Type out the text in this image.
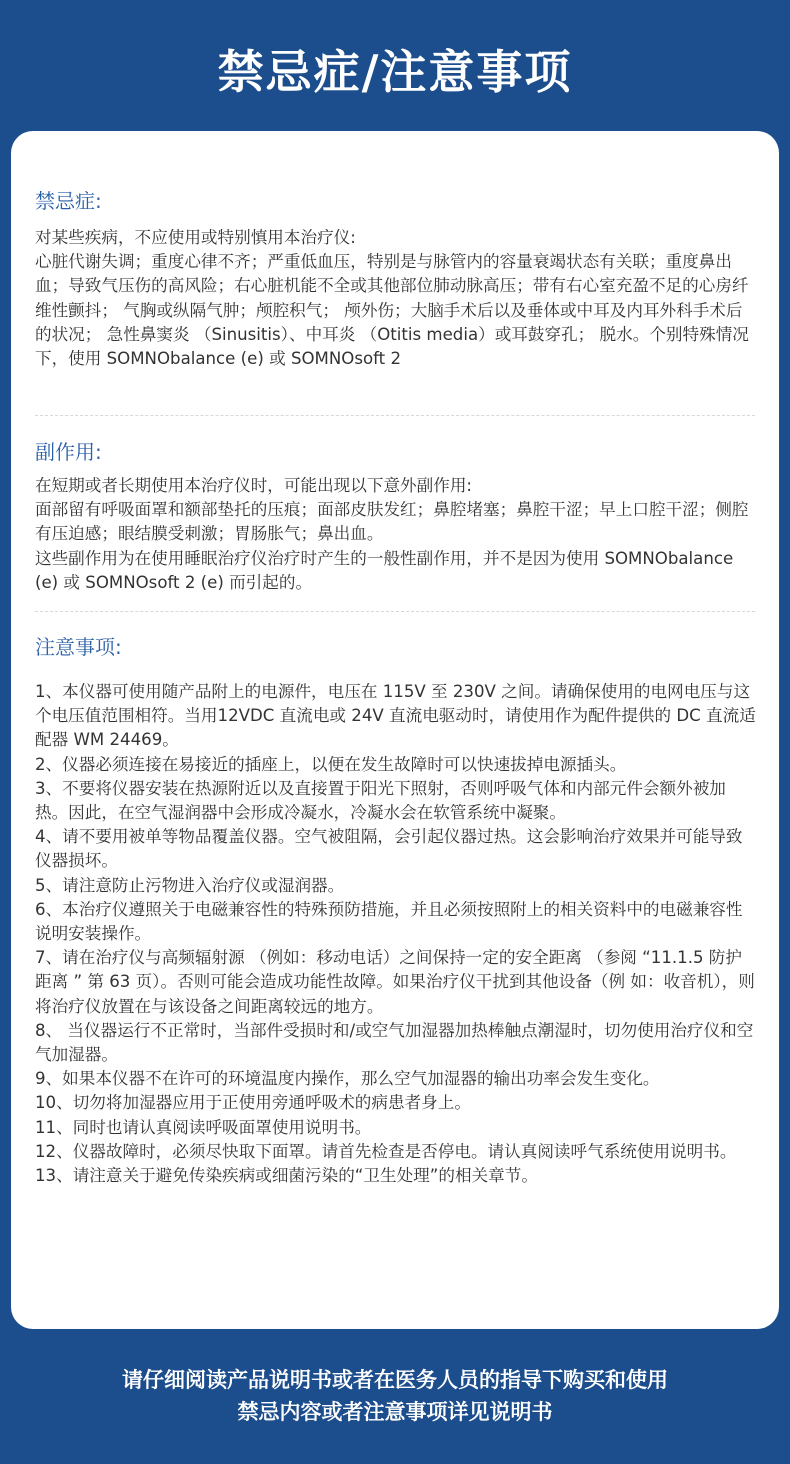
禁忌症/注意事项
禁忌症:

对某些疾病，不应使用或特别慎用本治疗仪:

心脏代谢失调；重度心律不齐；严重低血压，特别是与脉管内的容量衰竭状态有关联；重度鼻出血；导致气压伤的高风险；右心脏机能不全或其他部位肺动脉高压；带有右心室充盈不足的心房纤维性颤抖； 气胸或纵隔气肿；颅腔积气； 颅外伤；大脑手术后以及垂体或中耳及内耳外科手术后的状况； 急性鼻窦炎 （Sinusitis）、中耳炎 （Otitis media）或耳鼓穿孔； 脱水。个别特殊情况下，使用 SOMNObalance (e) 或 SOMNOsoft 2

副作用:

在短期或者长期使用本治疗仪时，可能出现以下意外副作用:

面部留有呼吸面罩和额部垫托的压痕；面部皮肤发红；鼻腔堵塞；鼻腔干涩；早上口腔干涩；侧腔有压迫感；眼结膜受刺激；胃肠胀气；鼻出血。

这些副作用为在使用睡眠治疗仪治疗时产生的一般性副作用，并不是因为使用 SOMNObalance (e) 或 SOMNOsoft 2 (e) 而引起的。

注意事项:

1、本仪器可使用随产品附上的电源件，电压在 115V 至 230V 之间。请确保使用的电网电压与这个电压值范围相符。当用12VDC 直流电或 24V 直流电驱动时，请使用作为配件提供的 DC 直流适配器 WM 24469。

2、仪器必须连接在易接近的插座上，以便在发生故障时可以快速拔掉电源插头。

3、不要将仪器安装在热源附近以及直接置于阳光下照射，否则呼吸气体和内部元件会额外被加热。因此，在空气湿润器中会形成冷凝水，冷凝水会在软管系统中凝聚。

4、请不要用被单等物品覆盖仪器。空气被阻隔，会引起仪器过热。这会影响治疗效果并可能导致仪器损坏。

5、请注意防止污物进入治疗仪或湿润器。

6、本治疗仪遵照关于电磁兼容性的特殊预防措施，并且必须按照附上的相关资料中的电磁兼容性说明安装操作。

7、请在治疗仪与高频辐射源 （例如：移动电话）之间保持一定的安全距离 （参阅 “11.1.5 防护距离 ” 第 63 页）。否则可能会造成功能性故障。如果治疗仪干扰到其他设备（例 如：收音机），则将治疗仪放置在与该设备之间距离较远的地方。

8、 当仪器运行不正常时，当部件受损时和/或空气加湿器加热棒触点潮湿时，切勿使用治疗仪和空气加湿器。

9、如果本仪器不在许可的环境温度内操作，那么空气加湿器的输出功率会发生变化。

10、切勿将加湿器应用于正使用旁通呼吸术的病患者身上。

11、同时也请认真阅读呼吸面罩使用说明书。

12、仪器故障时，必须尽快取下面罩。请首先检查是否停电。请认真阅读呼气系统使用说明书。

13、请注意关于避免传染疾病或细菌污染的“卫生处理”的相关章节。

请仔细阅读产品说明书或者在医务人员的指导下购买和使用

禁忌内容或者注意事项详见说明书
